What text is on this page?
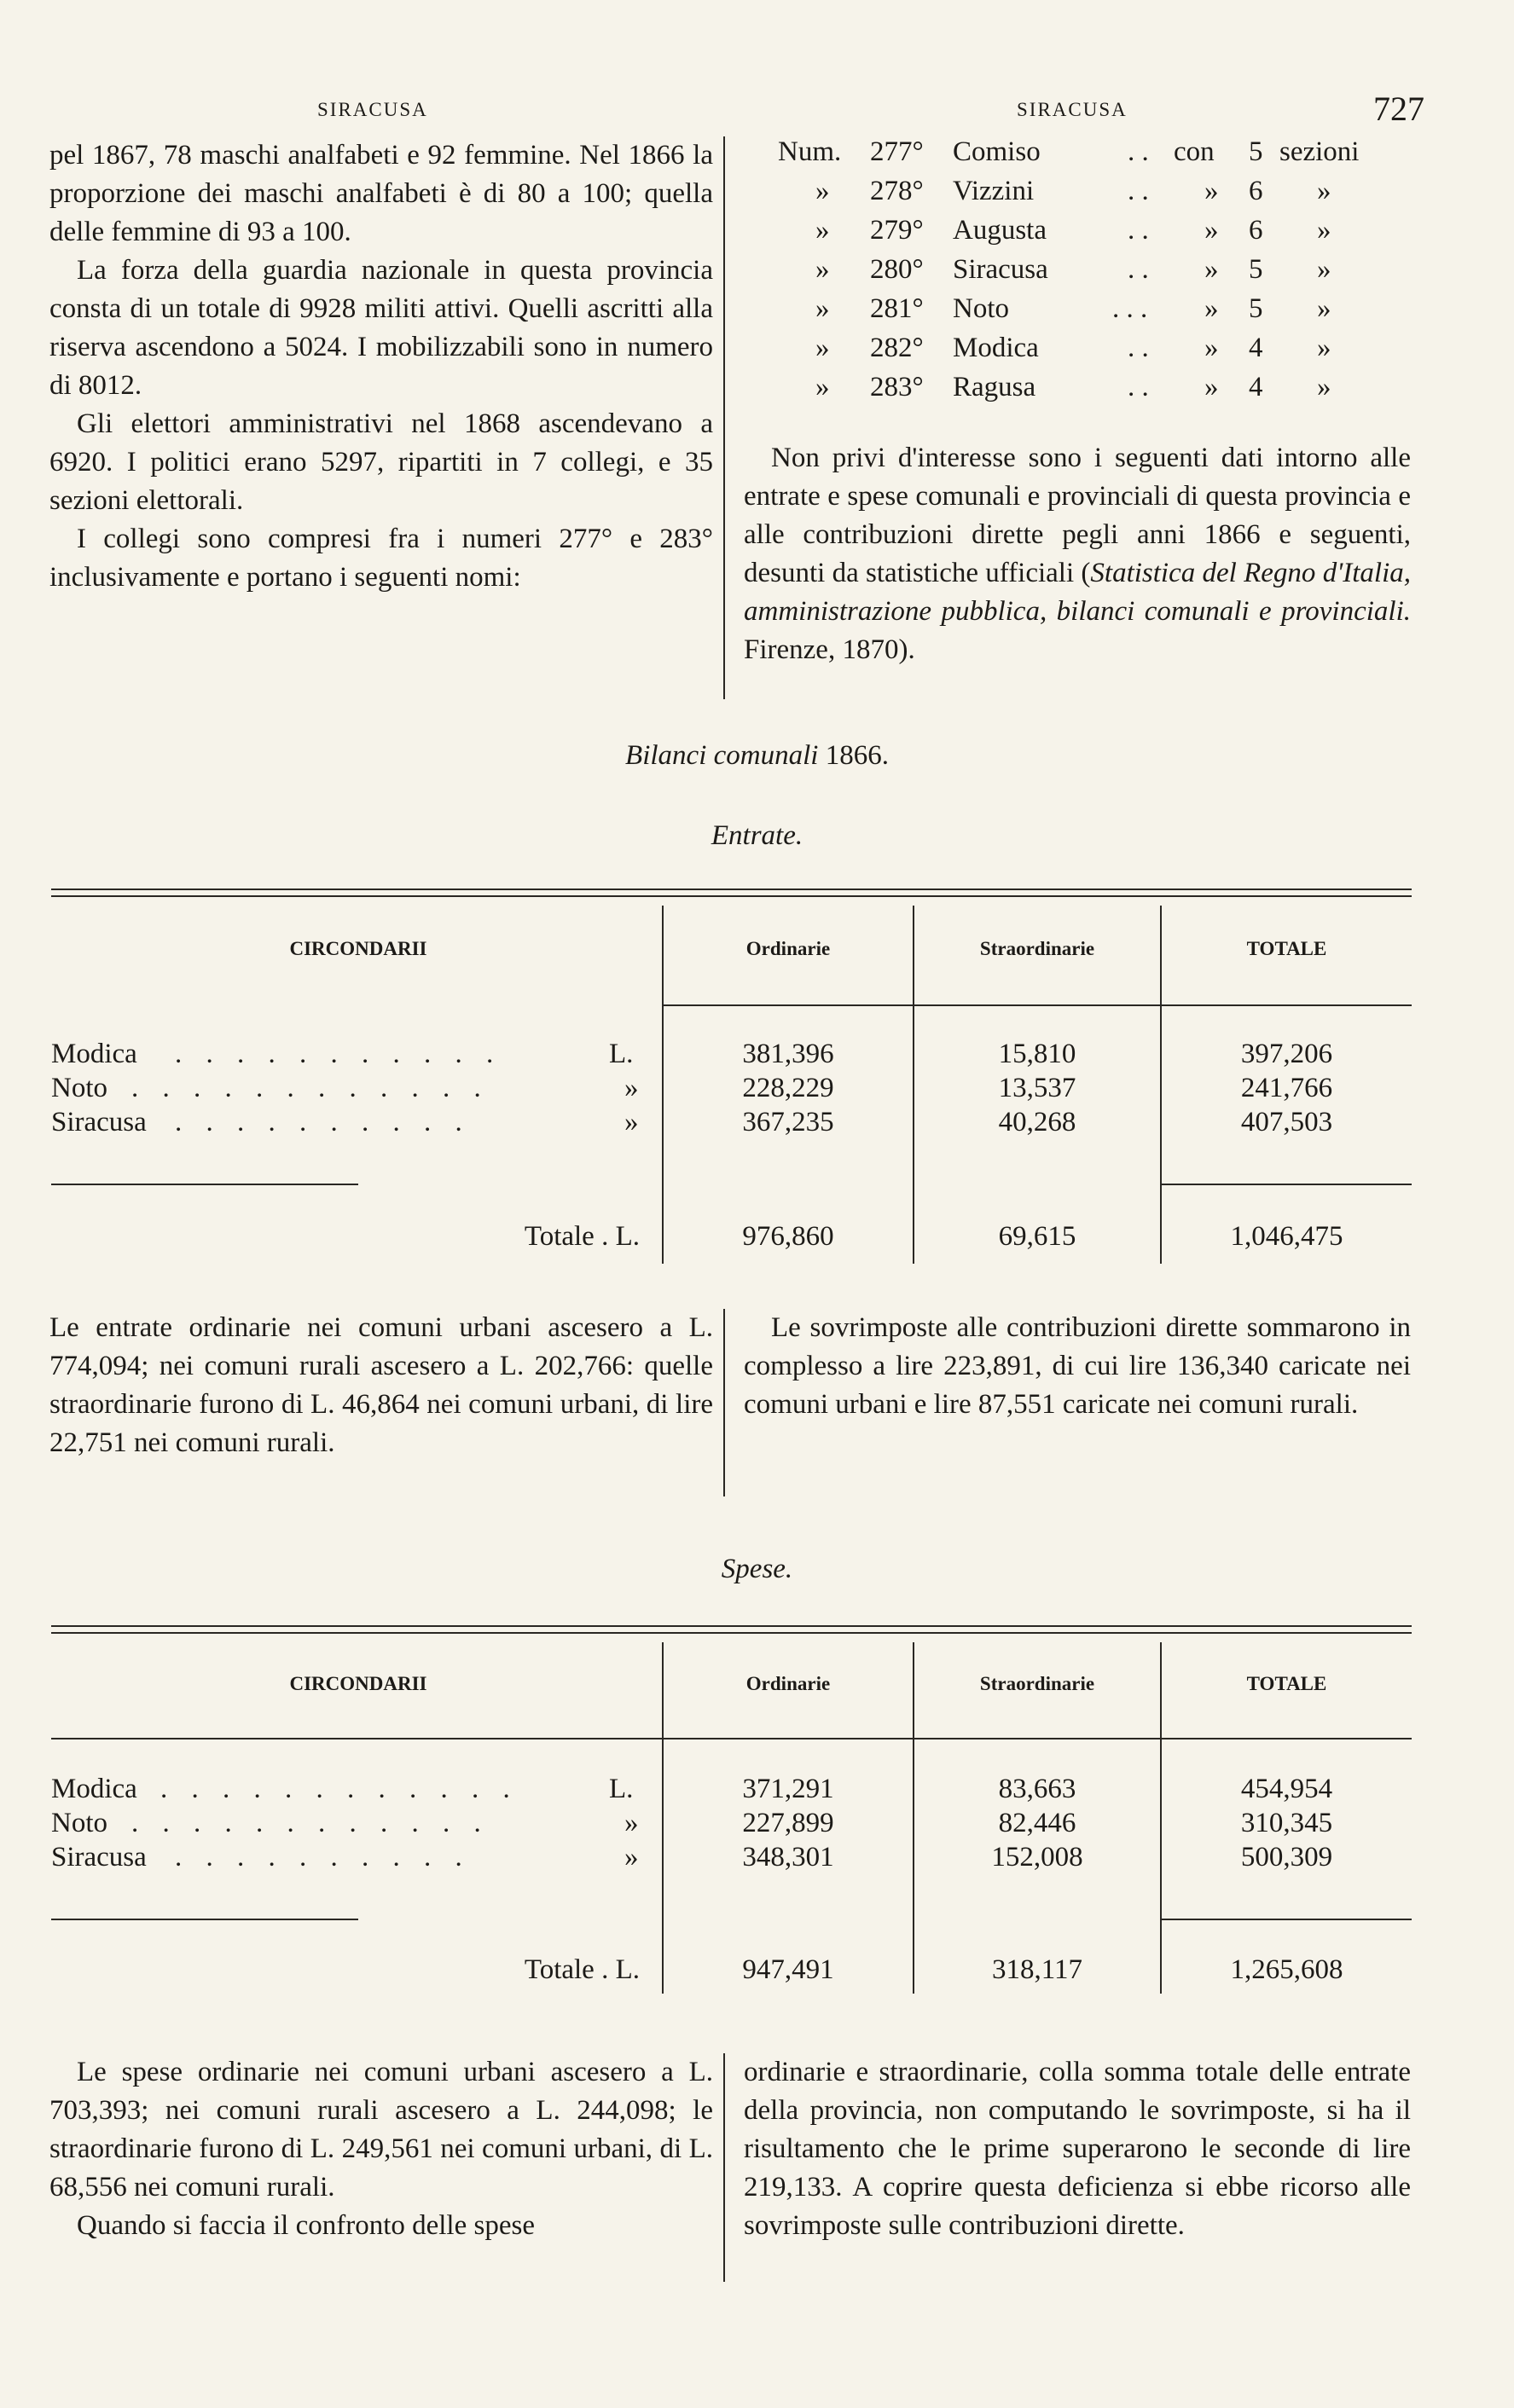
SIRACUSA	SIRACUSA	727

pel 1867, 78 maschi analfabeti e 92 femmine. Nel 1866 la proporzione dei maschi analfabeti è di 80 a 100; quella delle femmine di 93 a 100.

La forza della guardia nazionale in questa provincia consta di un totale di 9928 militi attivi. Quelli ascritti alla riserva ascendono a 5024. I mobilizzabili sono in numero di 8012.

Gli elettori amministrativi nel 1868 ascendevano a 6920. I politici erano 5297, ripartiti in 7 collegi, e 35 sezioni elettorali.

I collegi sono compresi fra i numeri 277° e 283° inclusivamente e portano i seguenti nomi:

Num. 277° Comiso	. . con 5 sezioni
» 278° Vizzini	. . » 6 »
» 279° Augusta	. . » 6 »
» 280° Siracusa	. . » 5 »
» 281° Noto	. . . » 5 »
» 282° Modica	. . » 4 »
» 283° Ragusa	. . » 4 »

Non privi d'interesse sono i seguenti dati intorno alle entrate e spese comunali e provinciali di questa provincia e alle contribuzioni dirette pegli anni 1866 e seguenti, desunti da statistiche ufficiali (Statistica del Regno d'Italia, amministrazione pubblica, bilanci comunali e provinciali. Firenze, 1870).

Bilanci comunali 1866.
Entrate.
CIRCONDARII	Ordinarie	Straordinarie	TOTALE
Modica . . . . . . . . . . .	L.	381,396	15,810	397,206
Noto . . . . . . . . . . . .	»	228,229	13,537	241,766
Siracusa . . . . . . . . . .	»	367,235	40,268	407,503
Totale . L.	976,860	69,615	1,046,475

Le entrate ordinarie nei comuni urbani ascesero a L. 774,094; nei comuni rurali ascesero a L. 202,766: quelle straordinarie furono di L. 46,864 nei comuni urbani, di lire 22,751 nei comuni rurali.

Le sovrimposte alle contribuzioni dirette sommarono in complesso a lire 223,891, di cui lire 136,340 caricate nei comuni urbani e lire 87,551 caricate nei comuni rurali.

Spese.
CIRCONDARII	Ordinarie	Straordinarie	TOTALE
Modica . . . . . . . . . . . .	L.	371,291	83,663	454,954
Noto . . . . . . . . . . . .	»	227,899	82,446	310,345
Siracusa . . . . . . . . . .	»	348,301	152,008	500,309
Totale . L.	947,491	318,117	1,265,608

Le spese ordinarie nei comuni urbani ascesero a L. 703,393; nei comuni rurali ascesero a L. 244,098; le straordinarie furono di L. 249,561 nei comuni urbani, di L. 68,556 nei comuni rurali.

Quando si faccia il confronto delle spese

ordinarie e straordinarie, colla somma totale delle entrate della provincia, non computando le sovrimposte, si ha il risultamento che le prime superarono le seconde di lire 219,133. A coprire questa deficienza si ebbe ricorso alle sovrimposte sulle contribuzioni dirette.
